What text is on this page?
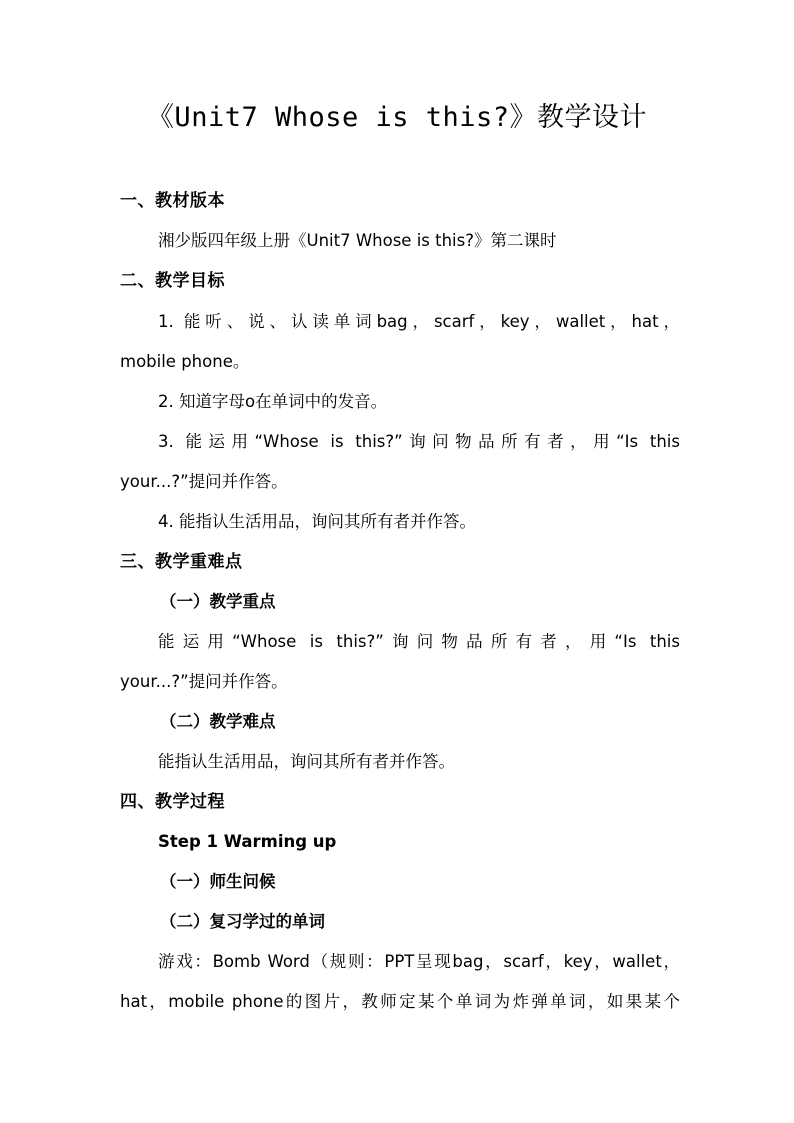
《Unit7 Whose is this?》教学设计
一、教材版本
湘少版四年级上册《Unit7 Whose is this?》第二课时
二、教学目标
1. 能听、说、认读单词bag，scarf，key，wallet，hat，
mobile phone。
2. 知道字母o在单词中的发音。
3. 能运用“Whose is this?”询问物品所有者，用“Is this
your...?”提问并作答。
4. 能指认生活用品，询问其所有者并作答。
三、教学重难点
（一）教学重点
能运用“Whose is this?”询问物品所有者，用“Is this
your...?”提问并作答。
（二）教学难点
能指认生活用品，询问其所有者并作答。
四、教学过程
Step 1 Warming up
（一）师生问候
（二）复习学过的单词
游戏：Bomb Word（规则：PPT呈现bag，scarf，key，wallet，
hat，mobile phone的图片，教师定某个单词为炸弹单词，如果某个
